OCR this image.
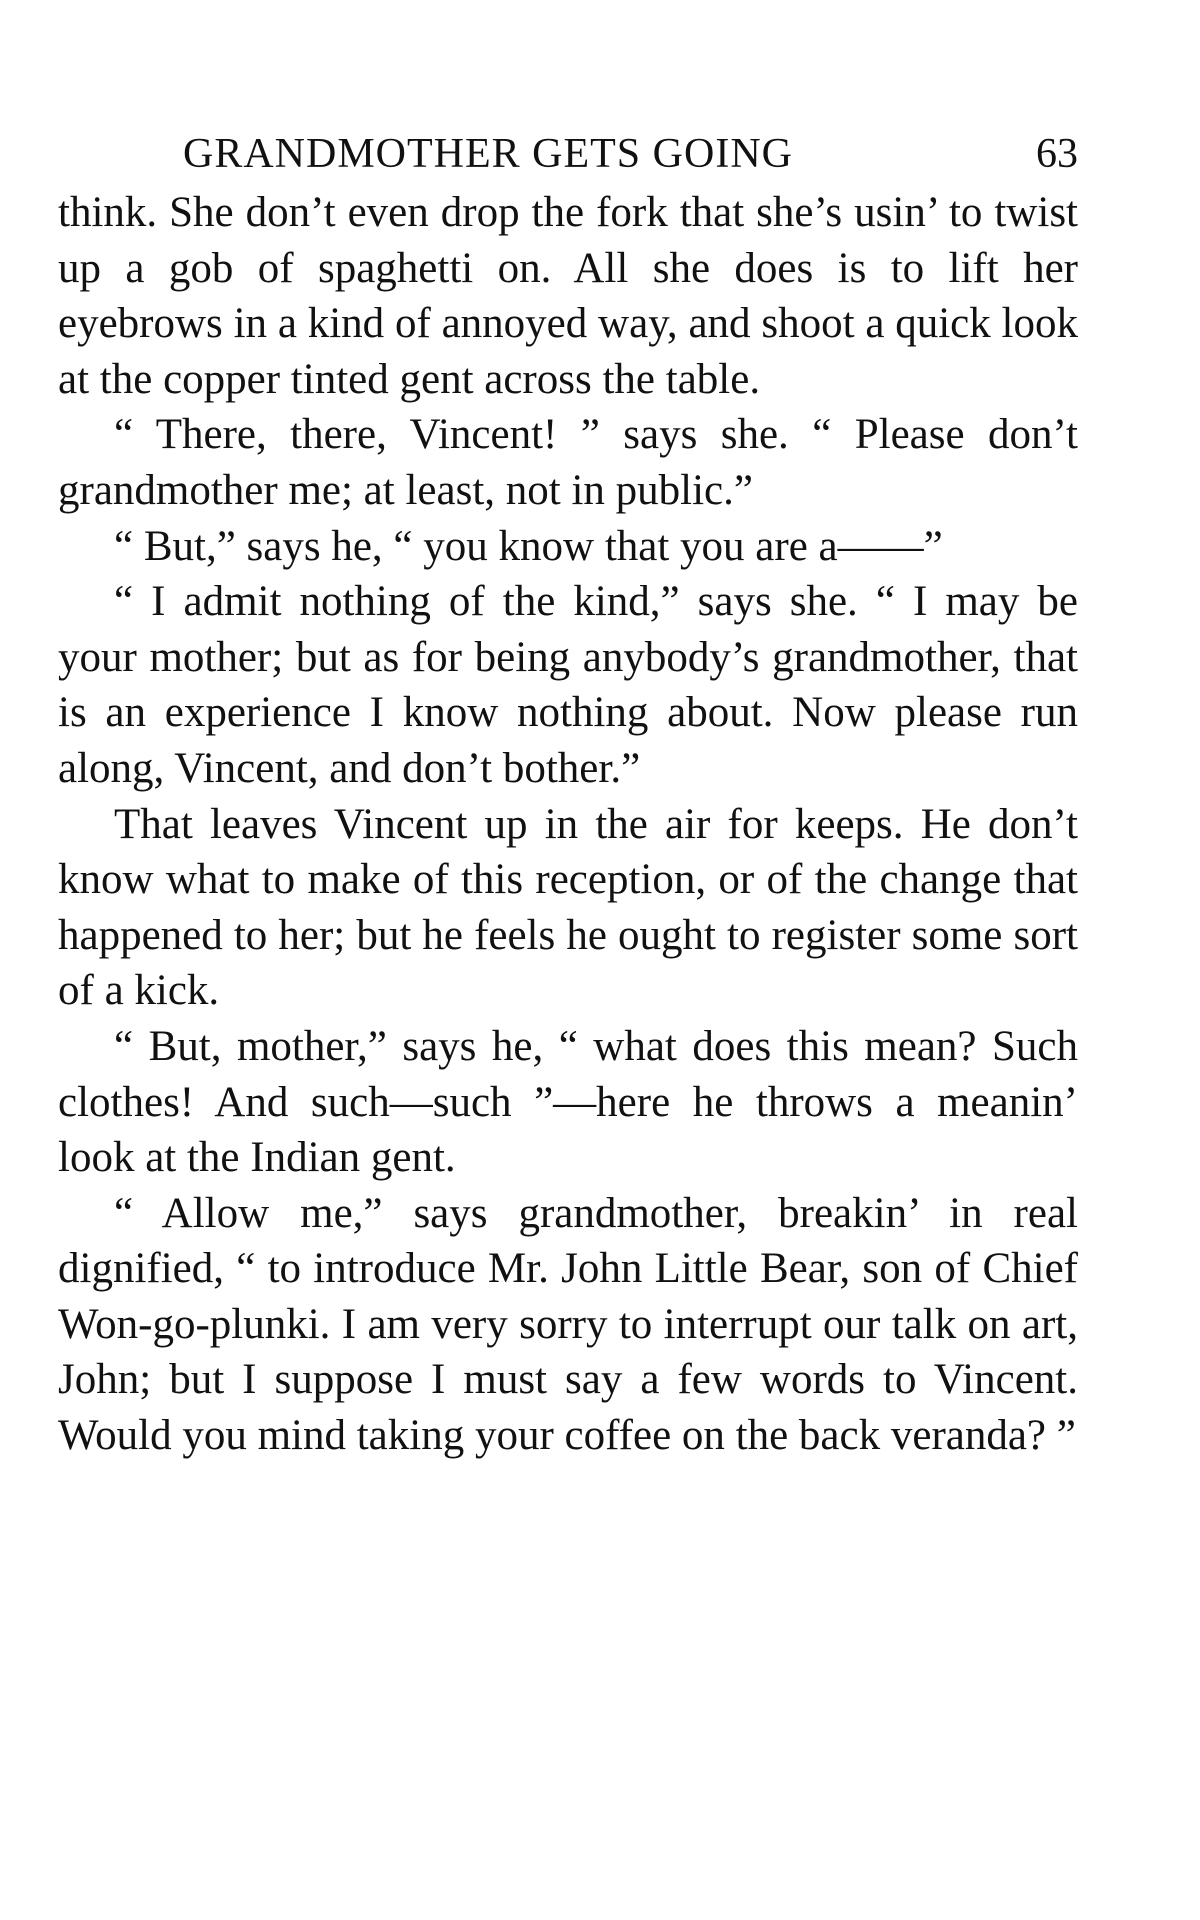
GRANDMOTHER GETS GOING	63

think. She don’t even drop the fork that she’s usin’ to twist up a gob of spaghetti on. All she does is to lift her eyebrows in a kind of annoyed way, and shoot a quick look at the copper tinted gent across the table.

“ There, there, Vincent! ” says she. “ Please don’t grandmother me; at least, not in public.”

“ But,” says he, “ you know that you are a——”

“ I admit nothing of the kind,” says she. “ I may be your mother; but as for being anybody’s grandmother, that is an experience I know nothing about. Now please run along, Vincent, and don’t bother.”

That leaves Vincent up in the air for keeps. He don’t know what to make of this reception, or of the change that happened to her; but he feels he ought to register some sort of a kick.

“ But, mother,” says he, “ what does this mean? Such clothes! And such—such ”—here he throws a meanin’ look at the Indian gent.

“ Allow me,” says grandmother, breakin’ in real dignified, “ to introduce Mr. John Little Bear, son of Chief Won-go-plunki. I am very sorry to interrupt our talk on art, John; but I suppose I must say a few words to Vincent. Would you mind taking your coffee on the back veranda? ”
